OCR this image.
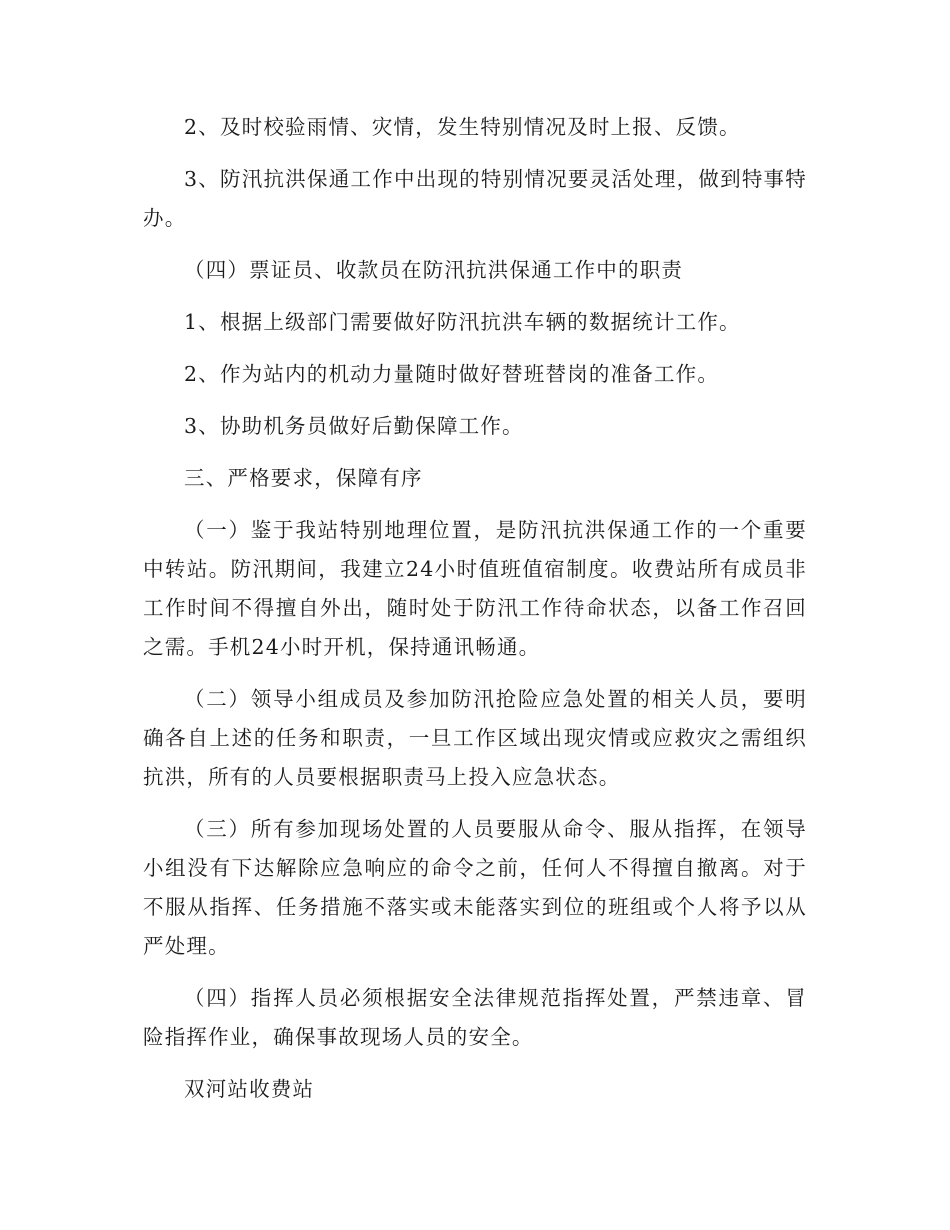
2、及时校验雨情、灾情，发生特别情况及时上报、反馈。

3、防汛抗洪保通工作中出现的特别情况要灵活处理，做到特事特办。

（四）票证员、收款员在防汛抗洪保通工作中的职责

1、根据上级部门需要做好防汛抗洪车辆的数据统计工作。

2、作为站内的机动力量随时做好替班替岗的准备工作。

3、协助机务员做好后勤保障工作。

三、严格要求，保障有序

（一）鉴于我站特别地理位置，是防汛抗洪保通工作的一个重要中转站。防汛期间，我建立24小时值班值宿制度。收费站所有成员非工作时间不得擅自外出，随时处于防汛工作待命状态，以备工作召回之需。手机24小时开机，保持通讯畅通。

（二）领导小组成员及参加防汛抢险应急处置的相关人员，要明确各自上述的任务和职责，一旦工作区域出现灾情或应救灾之需组织抗洪，所有的人员要根据职责马上投入应急状态。

（三）所有参加现场处置的人员要服从命令、服从指挥，在领导小组没有下达解除应急响应的命令之前，任何人不得擅自撤离。对于不服从指挥、任务措施不落实或未能落实到位的班组或个人将予以从严处理。

（四）指挥人员必须根据安全法律规范指挥处置，严禁违章、冒险指挥作业，确保事故现场人员的安全。

双河站收费站
